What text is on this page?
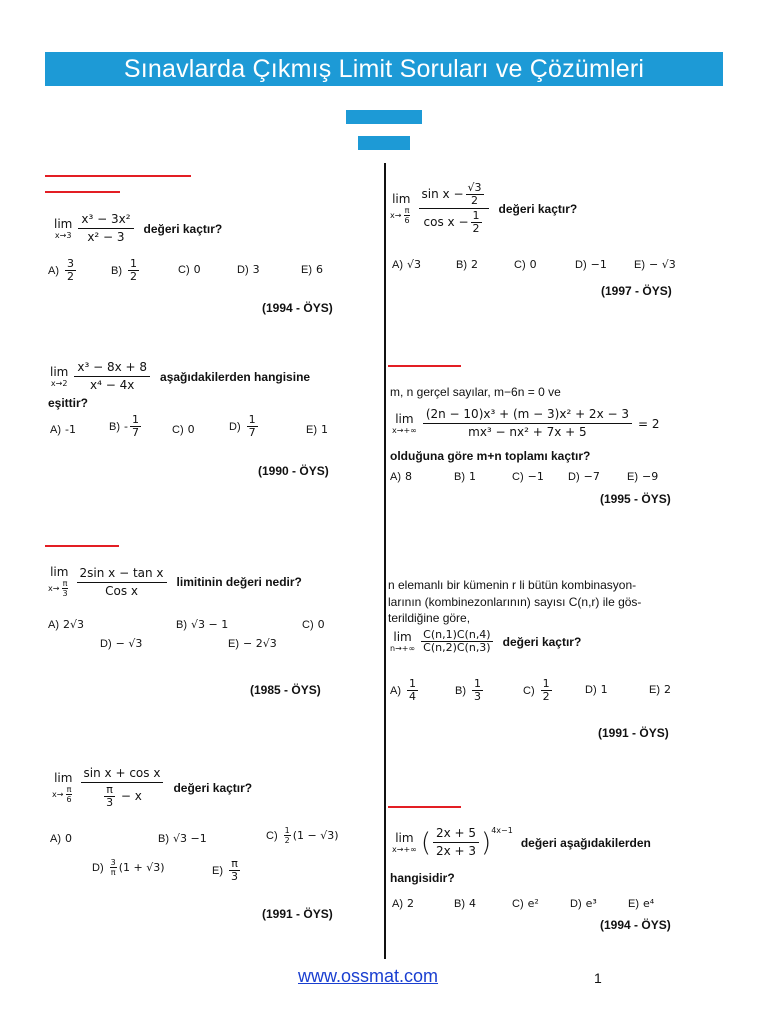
Sınavlarda Çıkmış Limit Soruları ve Çözümleri
lim
$x\to 3 \frac{\text{x³ − 3x²}}{\text{x² − 3}}$ değeri kaçtır?
$A) \frac{3}{2}$	$B) \frac{1}{2}$	C) 0	D) 3	E) 6
(1994 - ÖYS)
lim
$x\to 2 \frac{\text{x³ − 8x + 8}}{\text{x⁴ − 4x}}$ aşağıdakilerden hangisine
eşittir?
A) -1	$B) - \frac{1}{7}$	C) 0	$D) \frac{1}{7}$	E) 1
(1990 - ÖYS)
lim
$x\to \frac{\pi}{3} \frac{\text{2sin x − tan x}}{\text{Cos x}}$ limitinin değeri nedir?
A) 2√3	B) √3 − 1	C) 0
D) − √3	E) − 2√3
(1985 - ÖYS)
lim
$x\to \frac{\pi}{6} \frac{\text{sin x + cos x}}{\frac{\pi}{3} - x}$ değeri kaçtır?
A) 0	B) √3 −1	$C) \frac{1}{2} (1 - √3)$
$D) \frac{3}{\pi} (1 + √3)$	$E) \frac{\pi}{3}$
(1991 - ÖYS)
lim
$x\to \frac{\pi}{6} \frac{\sin x - \frac{√3}{2}}{\cos x - \frac{1}{2}}$ değeri kaçtır?
A) √3	B) 2	C) 0	D) −1 E) − √3
(1997 - ÖYS)
m, n gerçel sayılar, m−6n = 0 ve
lim
$x\to+\infty \frac{\text{(2n − 10)x³ + (m − 3)x² + 2x − 3}}{\text{mx³ − nx² + 7x + 5}} = 2$
olduğuna göre m+n toplamı kaçtır?
A) 8	B) 1	C) −1 D) −7 E) −9
(1995 - ÖYS)
n elemanlı bir kümenin r li bütün kombinasyon-
larının (kombinezonlarının) sayısı C(n,r) ile gös-
terildiğine göre,
lim
$n\to+\infty \frac{C(n,1)C(n,4)}{C(n,2)C(n,3)}$ değeri kaçtır?
$A) \frac{1}{4}$	$B) \frac{1}{3}$	$C) \frac{1}{2}$	D) 1	E) 2
(1991 - ÖYS)
lim
x→+∞ ( $\frac{2x + 5}{2x + 3} )^{4x-1}$
değeri aşağıdakilerden
hangisidir?
A) 2	B) 4	C) e²	D) e³	E) e⁴
(1994 - ÖYS)
www.ossmat.com	1
